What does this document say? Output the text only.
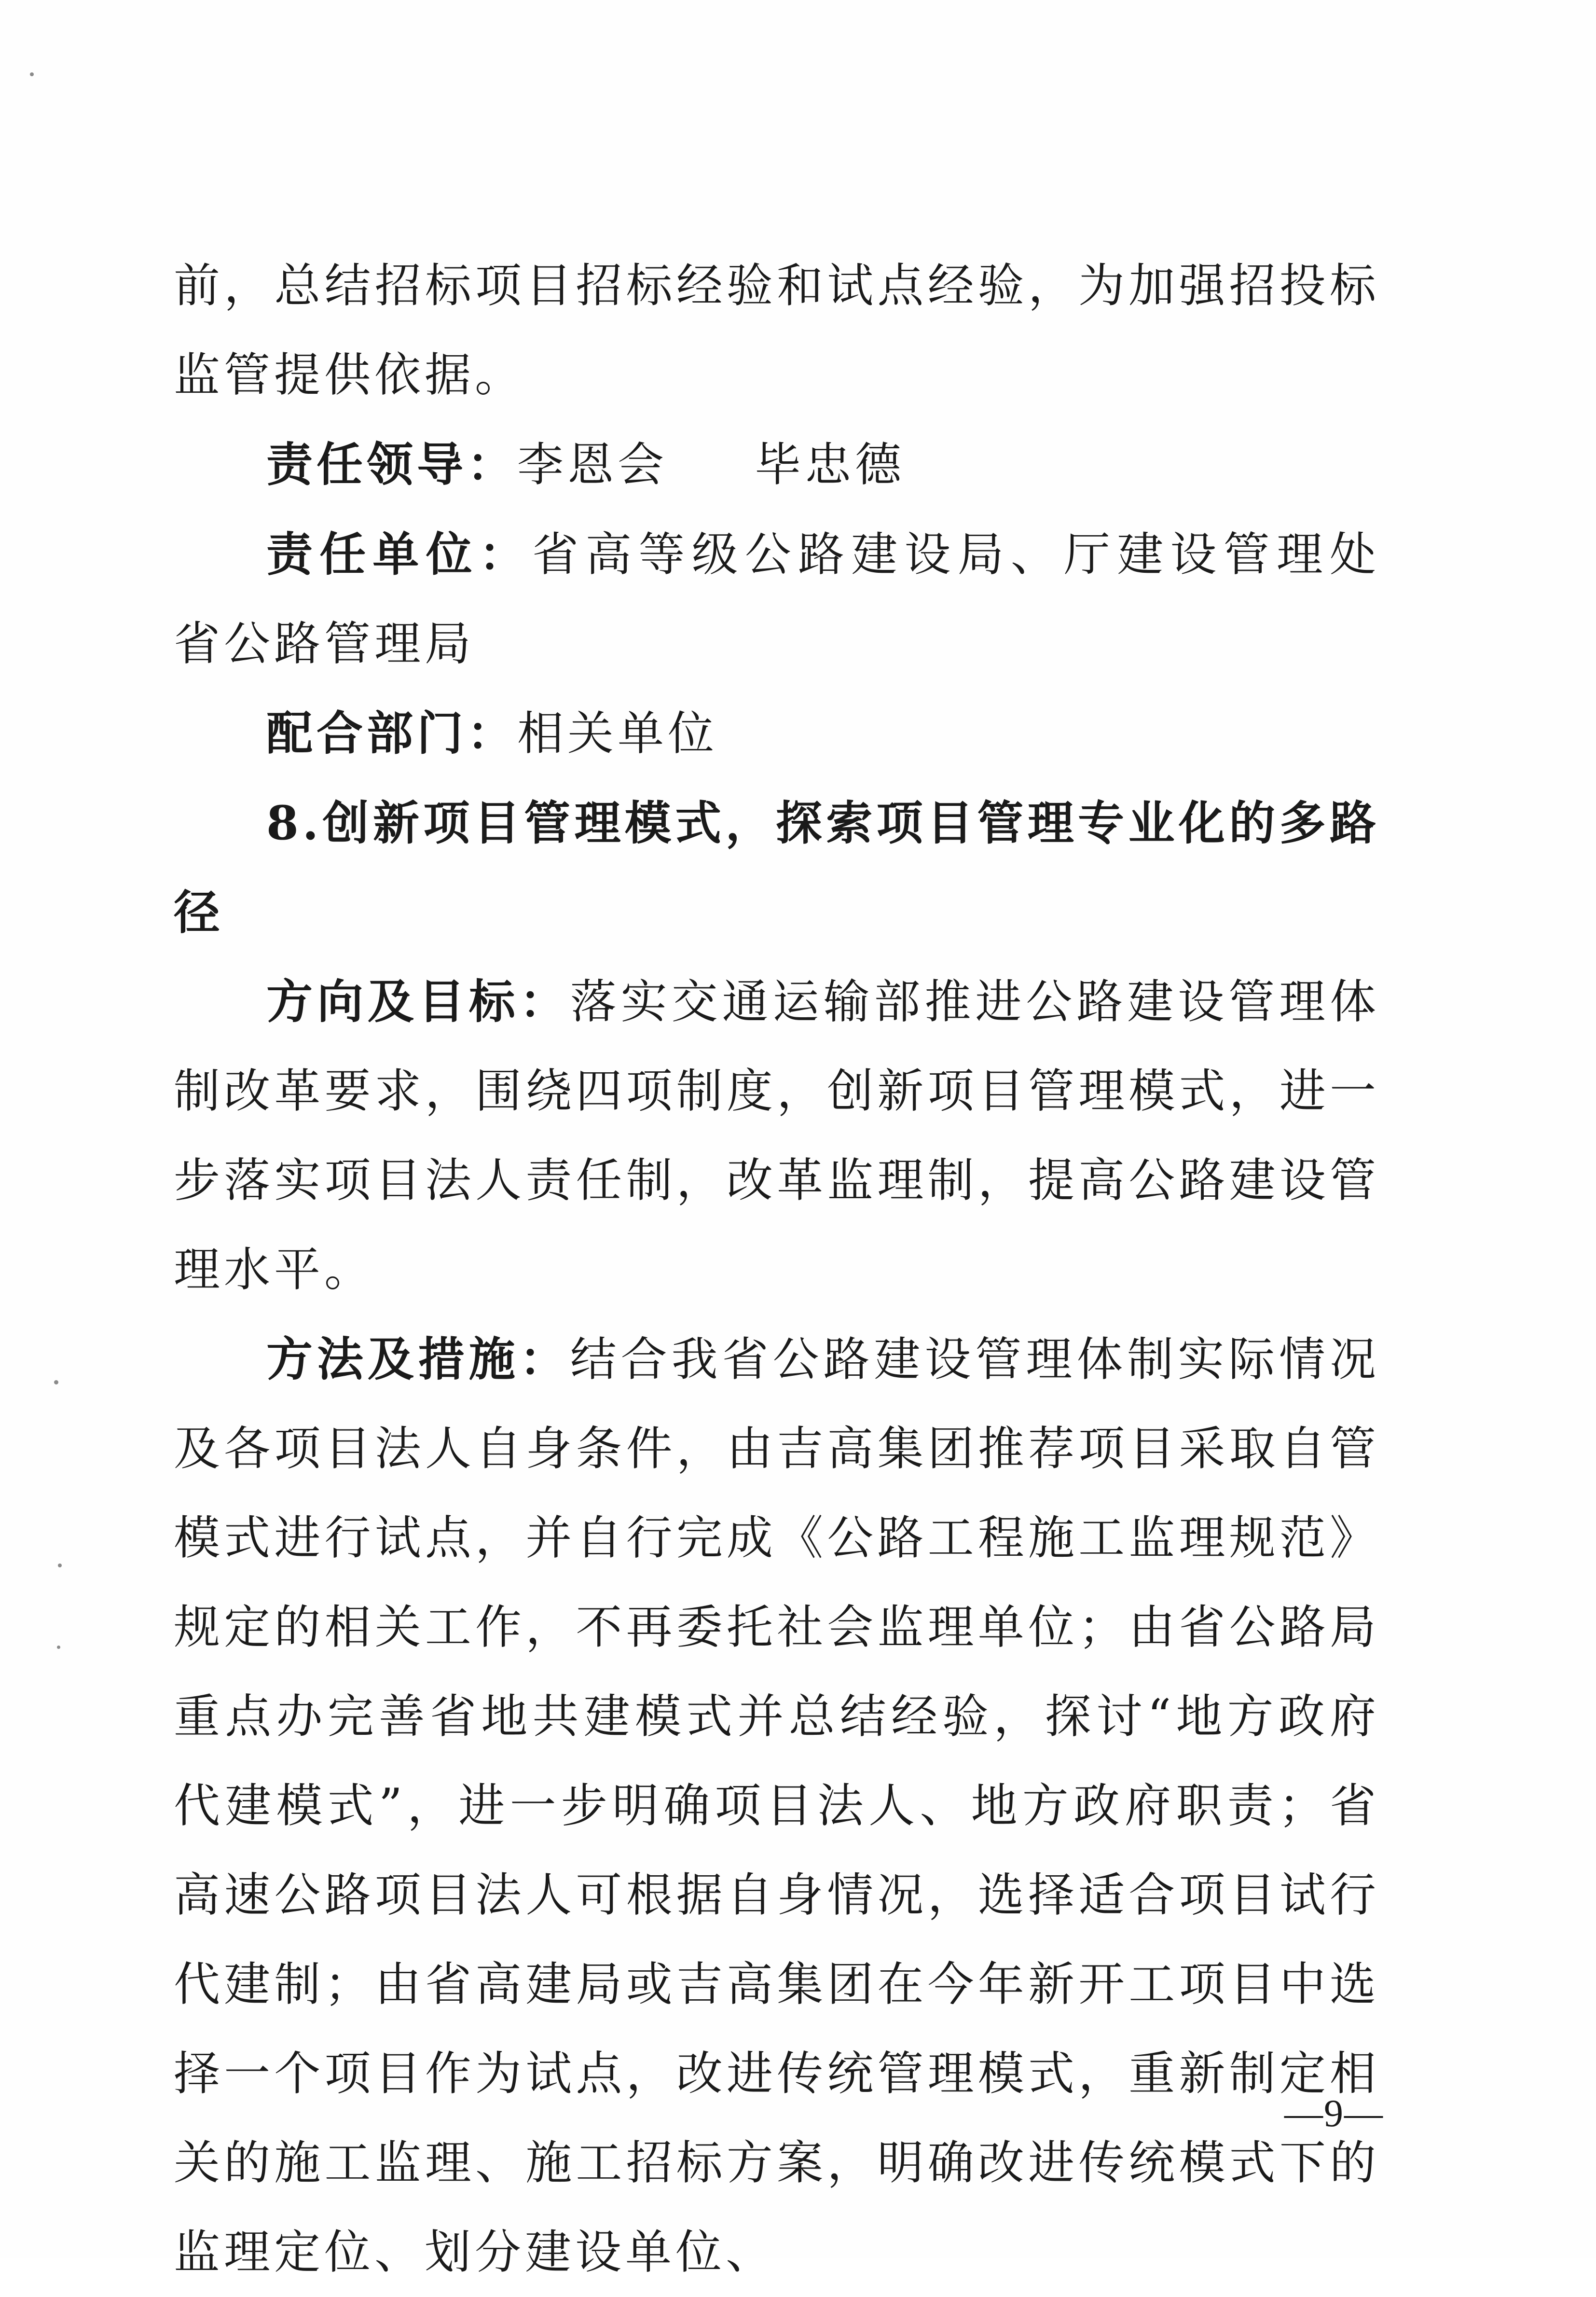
前，总结招标项目招标经验和试点经验，为加强招投标监管提供依据。

责任领导：李恩会 毕忠德

责任单位：省高等级公路建设局、厅建设管理处　省公路管理局

配合部门：相关单位

8.创新项目管理模式，探索项目管理专业化的多路径

方向及目标：落实交通运输部推进公路建设管理体制改革要求，围绕四项制度，创新项目管理模式，进一步落实项目法人责任制，改革监理制，提高公路建设管理水平。

方法及措施：结合我省公路建设管理体制实际情况及各项目法人自身条件，由吉高集团推荐项目采取自管模式进行试点，并自行完成《公路工程施工监理规范》规定的相关工作，不再委托社会监理单位；由省公路局重点办完善省地共建模式并总结经验，探讨“地方政府代建模式”，进一步明确项目法人、地方政府职责；省高速公路项目法人可根据自身情况，选择适合项目试行代建制；由省高建局或吉高集团在今年新开工项目中选择一个项目作为试点，改进传统管理模式，重新制定相关的施工监理、施工招标方案，明确改进传统模式下的监理定位、划分建设单位、

—9—
